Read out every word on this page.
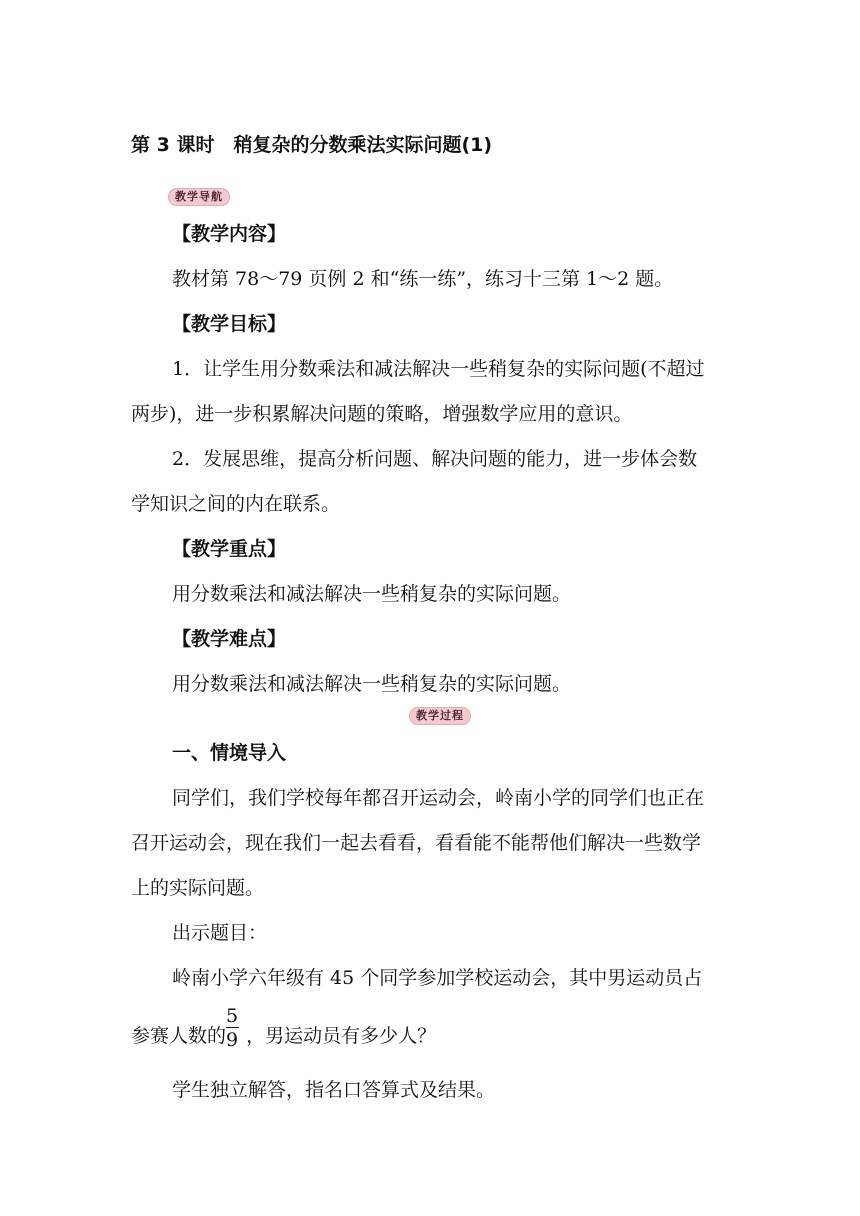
第 3 课时　稍复杂的分数乘法实际问题(1)
教学导航
【教学内容】
教材第 78～79 页例 2 和“练一练”，练习十三第 1～2 题。
【教学目标】
1．让学生用分数乘法和减法解决一些稍复杂的实际问题(不超过
两步)，进一步积累解决问题的策略，增强数学应用的意识。
2．发展思维，提高分析问题、解决问题的能力，进一步体会数
学知识之间的内在联系。
【教学重点】
用分数乘法和减法解决一些稍复杂的实际问题。
【教学难点】
用分数乘法和减法解决一些稍复杂的实际问题。
教学过程
一、情境导入
同学们，我们学校每年都召开运动会，岭南小学的同学们也正在
召开运动会，现在我们一起去看看，看看能不能帮他们解决一些数学
上的实际问题。
出示题目：
岭南小学六年级有 45 个同学参加学校运动会，其中男运动员占
参赛人数的 $\frac{5}{9}$ ，男运动员有多少人？
学生独立解答，指名口答算式及结果。
